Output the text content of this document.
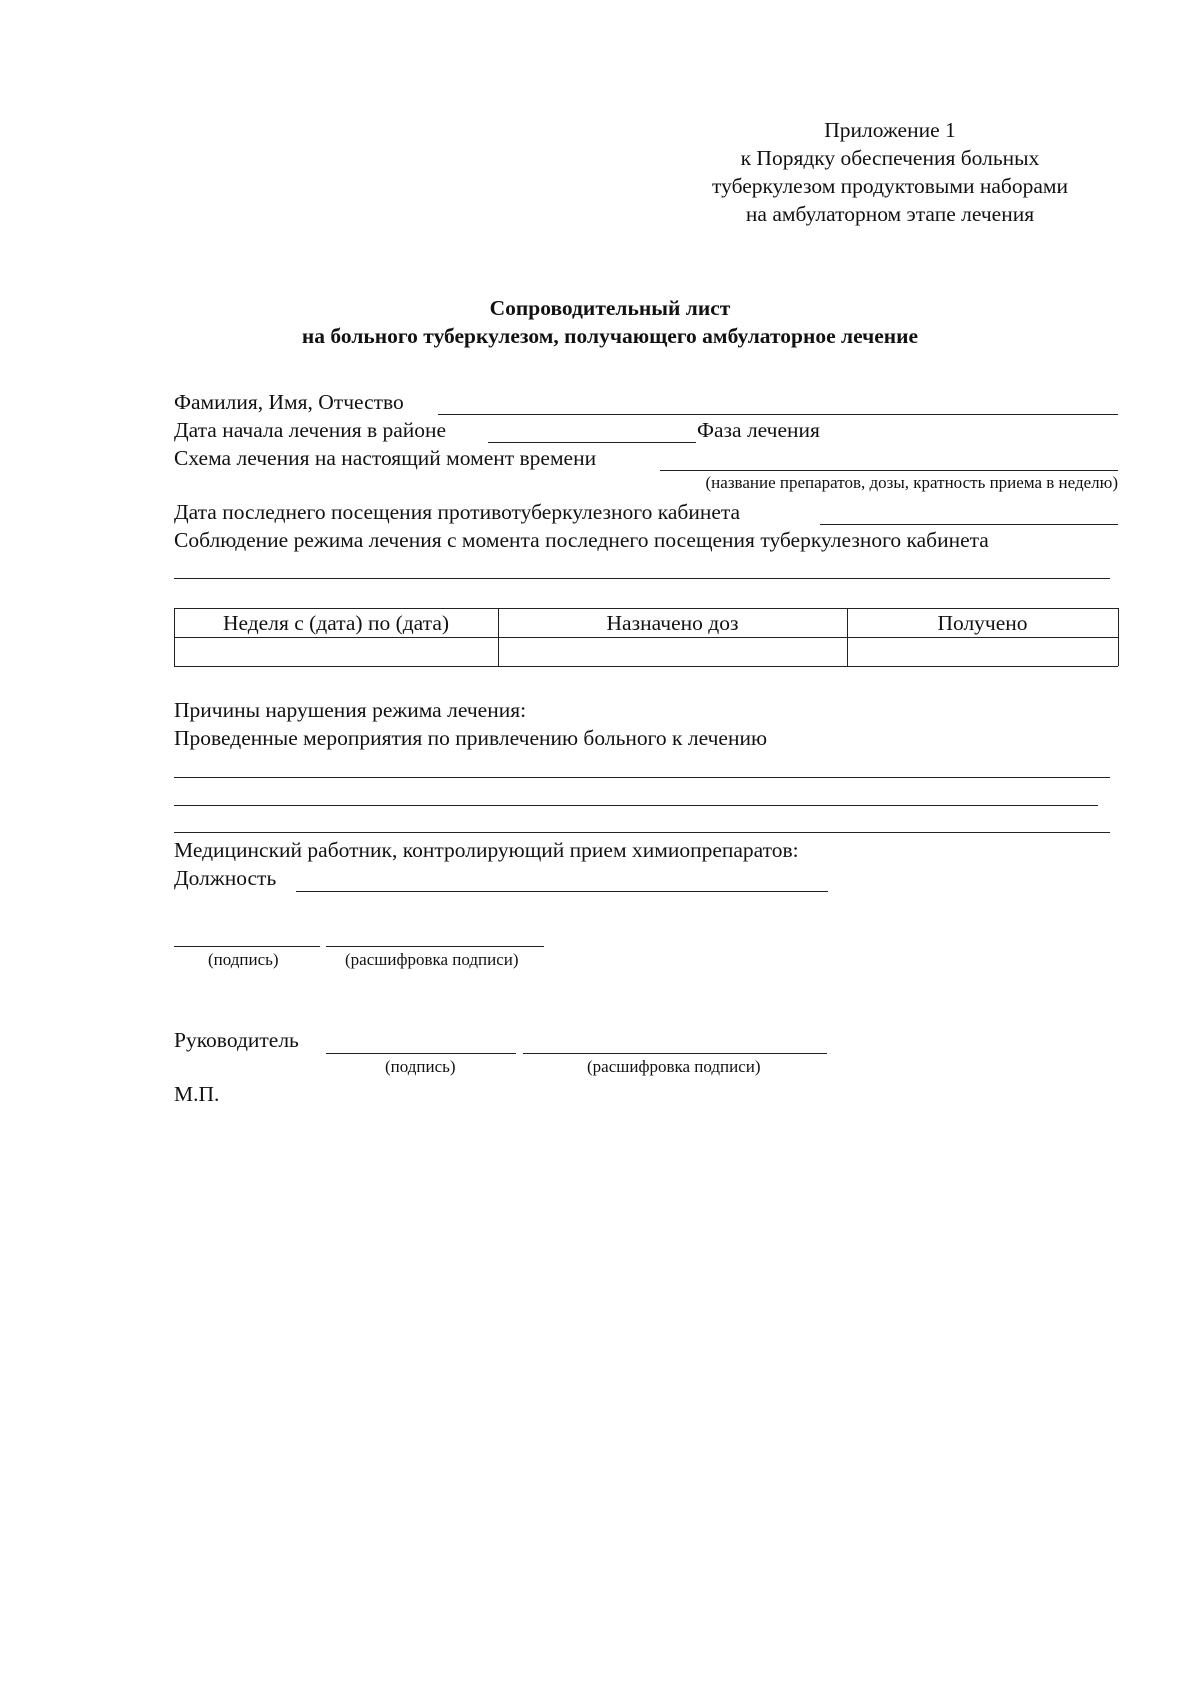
Приложение 1
к Порядку обеспечения больных
туберкулезом продуктовыми наборами
на амбулаторном этапе лечения
Сопроводительный лист
на больного туберкулезом, получающего амбулаторное лечение
Фамилия, Имя, Отчество
Дата начала лечения в районе	Фаза лечения
Схема лечения на настоящий момент времени
(название препаратов, дозы, кратность приема в неделю)
Дата последнего посещения противотуберкулезного кабинета
Соблюдение режима лечения с момента последнего посещения туберкулезного кабинета
Неделя с (дата) по (дата)	Назначено доз	Получено
Причины нарушения режима лечения:
Проведенные мероприятия по привлечению больного к лечению
Медицинский работник, контролирующий прием химиопрепаратов:
Должность
(подпись)	(расшифровка подписи)
Руководитель
(подпись)	(расшифровка подписи)
М.П.
